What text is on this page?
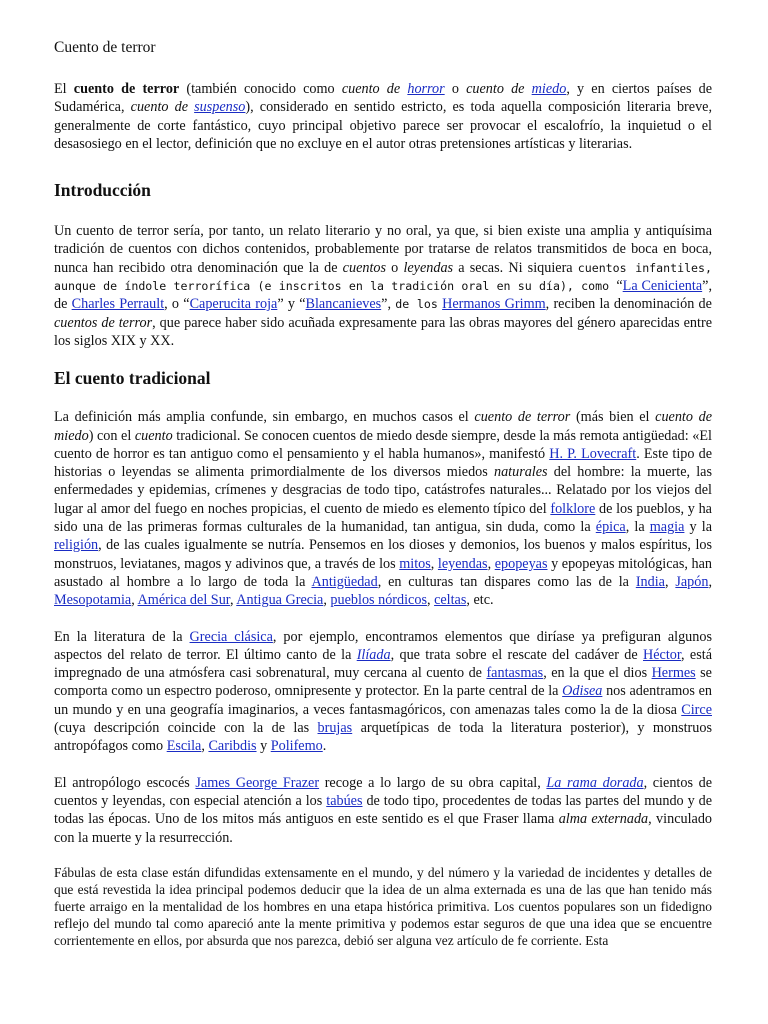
Cuento de terror

El cuento de terror (también conocido como cuento de horror o cuento de miedo, y en ciertos países de Sudamérica, cuento de suspenso), considerado en sentido estricto, es toda aquella composición literaria breve, generalmente de corte fantástico, cuyo principal objetivo parece ser provocar el escalofrío, la inquietud o el desasosiego en el lector, definición que no excluye en el autor otras pretensiones artísticas y literarias.

Introducción

Un cuento de terror sería, por tanto, un relato literario y no oral, ya que, si bien existe una amplia y antiquísima tradición de cuentos con dichos contenidos, probablemente por tratarse de relatos transmitidos de boca en boca, nunca han recibido otra denominación que la de cuentos o leyendas a secas. Ni siquiera cuentos infantiles, aunque de índole terrorífica (e inscritos en la tradición oral en su día), como “La Cenicienta”, de Charles Perrault, o “Caperucita roja” y “Blancanieves”, de los Hermanos Grimm, reciben la denominación de cuentos de terror, que parece haber sido acuñada expresamente para las obras mayores del género aparecidas entre los siglos XIX y XX.

El cuento tradicional

La definición más amplia confunde, sin embargo, en muchos casos el cuento de terror (más bien el cuento de miedo) con el cuento tradicional. Se conocen cuentos de miedo desde siempre, desde la más remota antigüedad: «El cuento de horror es tan antiguo como el pensamiento y el habla humanos», manifestó H. P. Lovecraft. Este tipo de historias o leyendas se alimenta primordialmente de los diversos miedos naturales del hombre: la muerte, las enfermedades y epidemias, crímenes y desgracias de todo tipo, catástrofes naturales... Relatado por los viejos del lugar al amor del fuego en noches propicias, el cuento de miedo es elemento típico del folklore de los pueblos, y ha sido una de las primeras formas culturales de la humanidad, tan antigua, sin duda, como la épica, la magia y la religión, de las cuales igualmente se nutría. Pensemos en los dioses y demonios, los buenos y malos espíritus, los monstruos, leviatanes, magos y adivinos que, a través de los mitos, leyendas, epopeyas y epopeyas mitológicas, han asustado al hombre a lo largo de toda la Antigüedad, en culturas tan dispares como las de la India, Japón, Mesopotamia, América del Sur, Antigua Grecia, pueblos nórdicos, celtas, etc.

En la literatura de la Grecia clásica, por ejemplo, encontramos elementos que diríase ya prefiguran algunos aspectos del relato de terror. El último canto de la Ilíada, que trata sobre el rescate del cadáver de Héctor, está impregnado de una atmósfera casi sobrenatural, muy cercana al cuento de fantasmas, en la que el dios Hermes se comporta como un espectro poderoso, omnipresente y protector. En la parte central de la Odisea nos adentramos en un mundo y en una geografía imaginarios, a veces fantasmagóricos, con amenazas tales como la de la diosa Circe (cuya descripción coincide con la de las brujas arquetípicas de toda la literatura posterior), y monstruos antropófagos como Escila, Caribdis y Polifemo.

El antropólogo escocés James George Frazer recoge a lo largo de su obra capital, La rama dorada, cientos de cuentos y leyendas, con especial atención a los tabúes de todo tipo, procedentes de todas las partes del mundo y de todas las épocas. Uno de los mitos más antiguos en este sentido es el que Fraser llama alma externada, vinculado con la muerte y la resurrección.

Fábulas de esta clase están difundidas extensamente en el mundo, y del número y la variedad de incidentes y detalles de que está revestida la idea principal podemos deducir que la idea de un alma externada es una de las que han tenido más fuerte arraigo en la mentalidad de los hombres en una etapa histórica primitiva. Los cuentos populares son un fidedigno reflejo del mundo tal como apareció ante la mente primitiva y podemos estar seguros de que una idea que se encuentre corrientemente en ellos, por absurda que nos parezca, debió ser alguna vez artículo de fe corriente. Esta
